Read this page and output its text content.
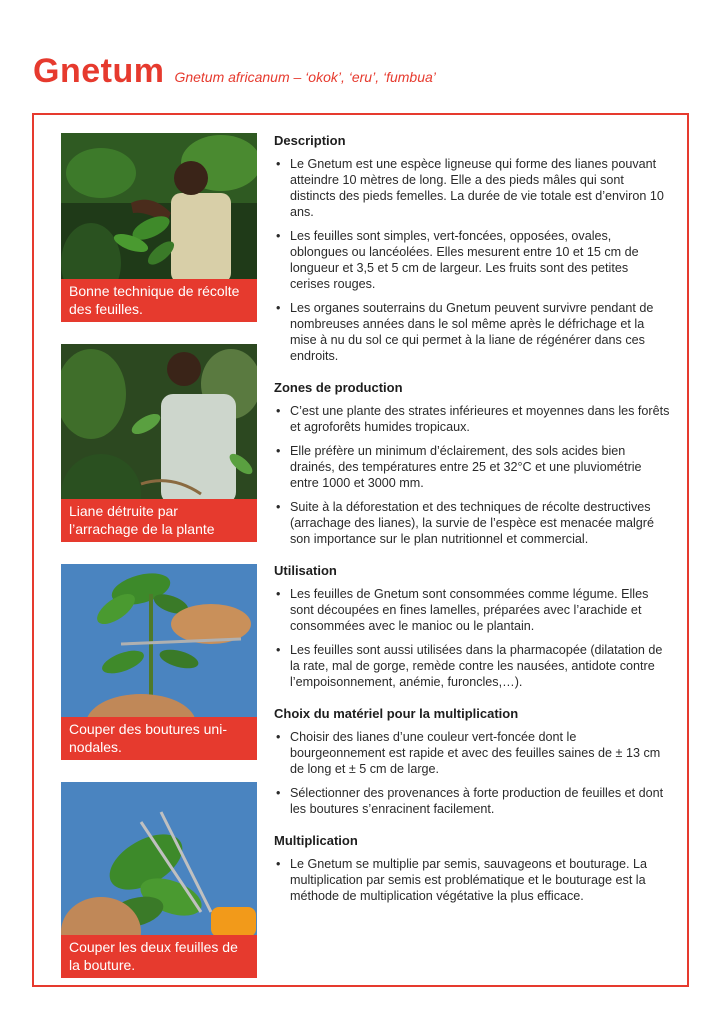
Gnetum Gnetum africanum – ‘okok’, ‘eru’, ‘fumbua’
Bonne technique de récolte des feuilles.
Liane détruite par l’arrachage de la plante
Couper des boutures uni-nodales.
Couper les deux feuilles de la bouture.
Description
• Le Gnetum est une espèce ligneuse qui forme des lianes pouvant atteindre 10 mètres de long. Elle a des pieds mâles qui sont distincts des pieds femelles. La durée de vie totale est d’environ 10 ans.
• Les feuilles sont simples, vert-foncées, opposées, ovales, oblongues ou lancéolées. Elles mesurent entre 10 et 15 cm de longueur et 3,5 et 5 cm de largeur. Les fruits sont des petites cerises rouges.
• Les organes souterrains du Gnetum peuvent survivre pendant de nombreuses années dans le sol même après le défrichage et la mise à nu du sol ce qui permet à la liane de régénérer dans ces endroits.
Zones de production
• C’est une plante des strates inférieures et moyennes dans les forêts et agroforêts humides tropicaux.
• Elle préfère un minimum d’éclairement, des sols acides bien drainés, des températures entre 25 et 32°C et une pluviométrie entre 1000 et 3000 mm.
• Suite à la déforestation et des techniques de récolte destructives (arrachage des lianes), la survie de l’espèce est menacée malgré son importance sur le plan nutritionnel et commercial.
Utilisation
• Les feuilles de Gnetum sont consommées comme légume. Elles sont découpées en fines lamelles, préparées avec l’arachide et consommées avec le manioc ou le plantain.
• Les feuilles sont aussi utilisées dans la pharmacopée (dilatation de la rate, mal de gorge, remède contre les nausées, antidote contre l’empoisonnement, anémie, furoncles,…).
Choix du matériel pour la multiplication
• Choisir des lianes d’une couleur vert-foncée dont le bourgeonnement est rapide et avec des feuilles saines de ± 13 cm de long et ± 5 cm de large.
• Sélectionner des provenances à forte production de feuilles et dont les boutures s’enracinent facilement.
Multiplication
• Le Gnetum se multiplie par semis, sauvageons et bouturage. La multiplication par semis est problématique et le bouturage est la méthode de multiplication végétative la plus efficace.
